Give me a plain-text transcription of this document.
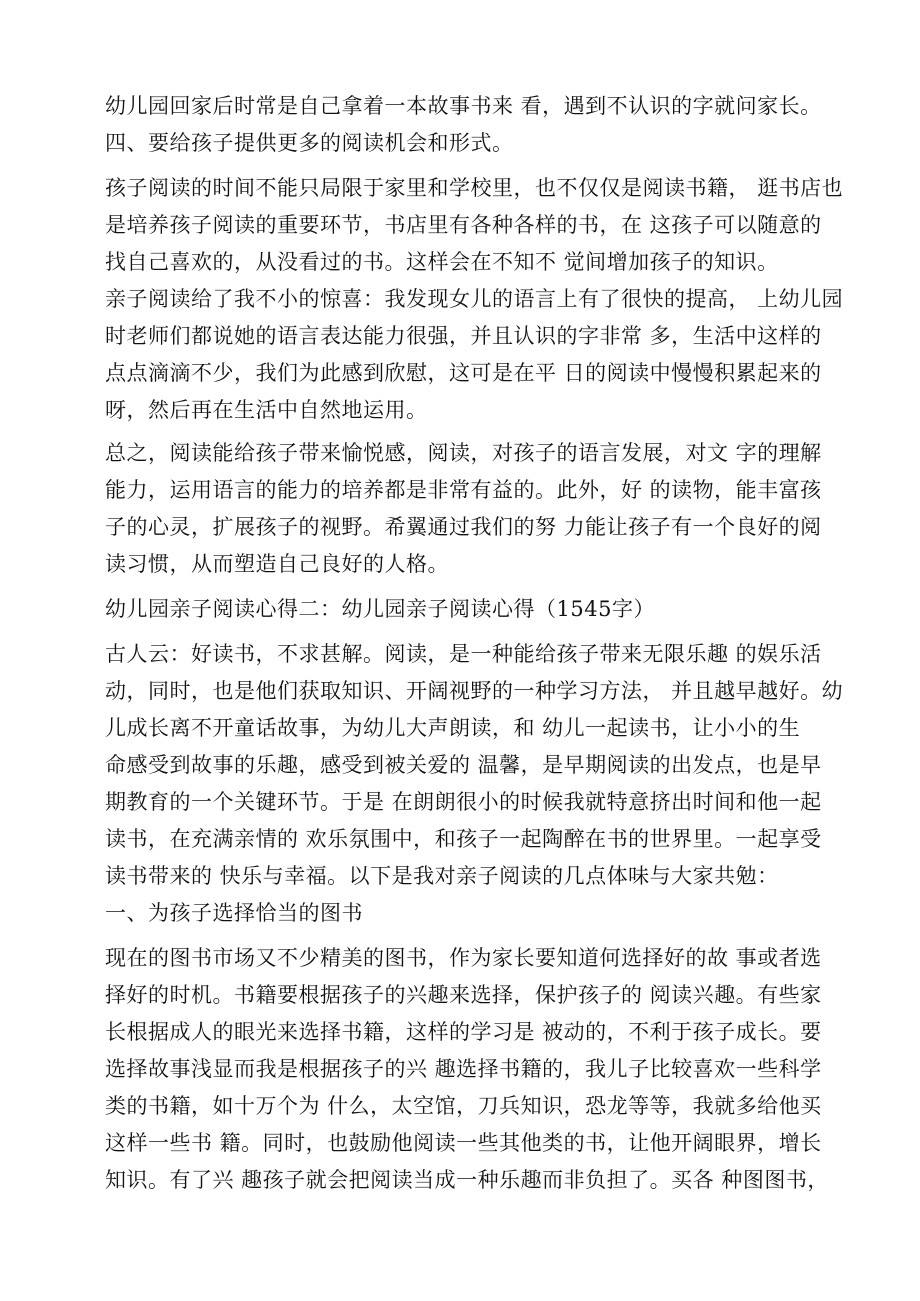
幼儿园回家后时常是自己拿着一本故事书来 看，遇到不认识的字就问家长。

四、要给孩子提供更多的阅读机会和形式。

孩子阅读的时间不能只局限于家里和学校里，也不仅仅是阅读书籍， 逛书店也
是培养孩子阅读的重要环节，书店里有各种各样的书，在 这孩子可以随意的
找自己喜欢的，从没看过的书。这样会在不知不 觉间增加孩子的知识。

亲子阅读给了我不小的惊喜：我发现女儿的语言上有了很快的提高， 上幼儿园
时老师们都说她的语言表达能力很强，并且认识的字非常 多，生活中这样的
点点滴滴不少，我们为此感到欣慰，这可是在平 日的阅读中慢慢积累起来的
呀，然后再在生活中自然地运用。

总之，阅读能给孩子带来愉悦感，阅读，对孩子的语言发展，对文 字的理解
能力，运用语言的能力的培养都是非常有益的。此外，好 的读物，能丰富孩
子的心灵，扩展孩子的视野。希翼通过我们的努 力能让孩子有一个良好的阅
读习惯，从而塑造自己良好的人格。

幼儿园亲子阅读心得二：幼儿园亲子阅读心得（1545字）

古人云：好读书，不求甚解。阅读，是一种能给孩子带来无限乐趣 的娱乐活
动，同时，也是他们获取知识、开阔视野的一种学习方法， 并且越早越好。幼
儿成长离不开童话故事，为幼儿大声朗读，和 幼儿一起读书，让小小的生
命感受到故事的乐趣，感受到被关爱的 温馨，是早期阅读的出发点，也是早
期教育的一个关键环节。于是 在朗朗很小的时候我就特意挤出时间和他一起
读书，在充满亲情的 欢乐氛围中，和孩子一起陶醉在书的世界里。一起享受
读书带来的 快乐与幸福。以下是我对亲子阅读的几点体味与大家共勉：

一、为孩子选择恰当的图书

现在的图书市场又不少精美的图书，作为家长要知道何选择好的故 事或者选
择好的时机。书籍要根据孩子的兴趣来选择，保护孩子的 阅读兴趣。有些家
长根据成人的眼光来选择书籍，这样的学习是 被动的，不利于孩子成长。要
选择故事浅显而我是根据孩子的兴 趣选择书籍的，我儿子比较喜欢一些科学
类的书籍，如十万个为 什么，太空馆，刀兵知识，恐龙等等，我就多给他买
这样一些书 籍。同时，也鼓励他阅读一些其他类的书，让他开阔眼界，增长
知识。有了兴 趣孩子就会把阅读当成一种乐趣而非负担了。买各 种图图书，
